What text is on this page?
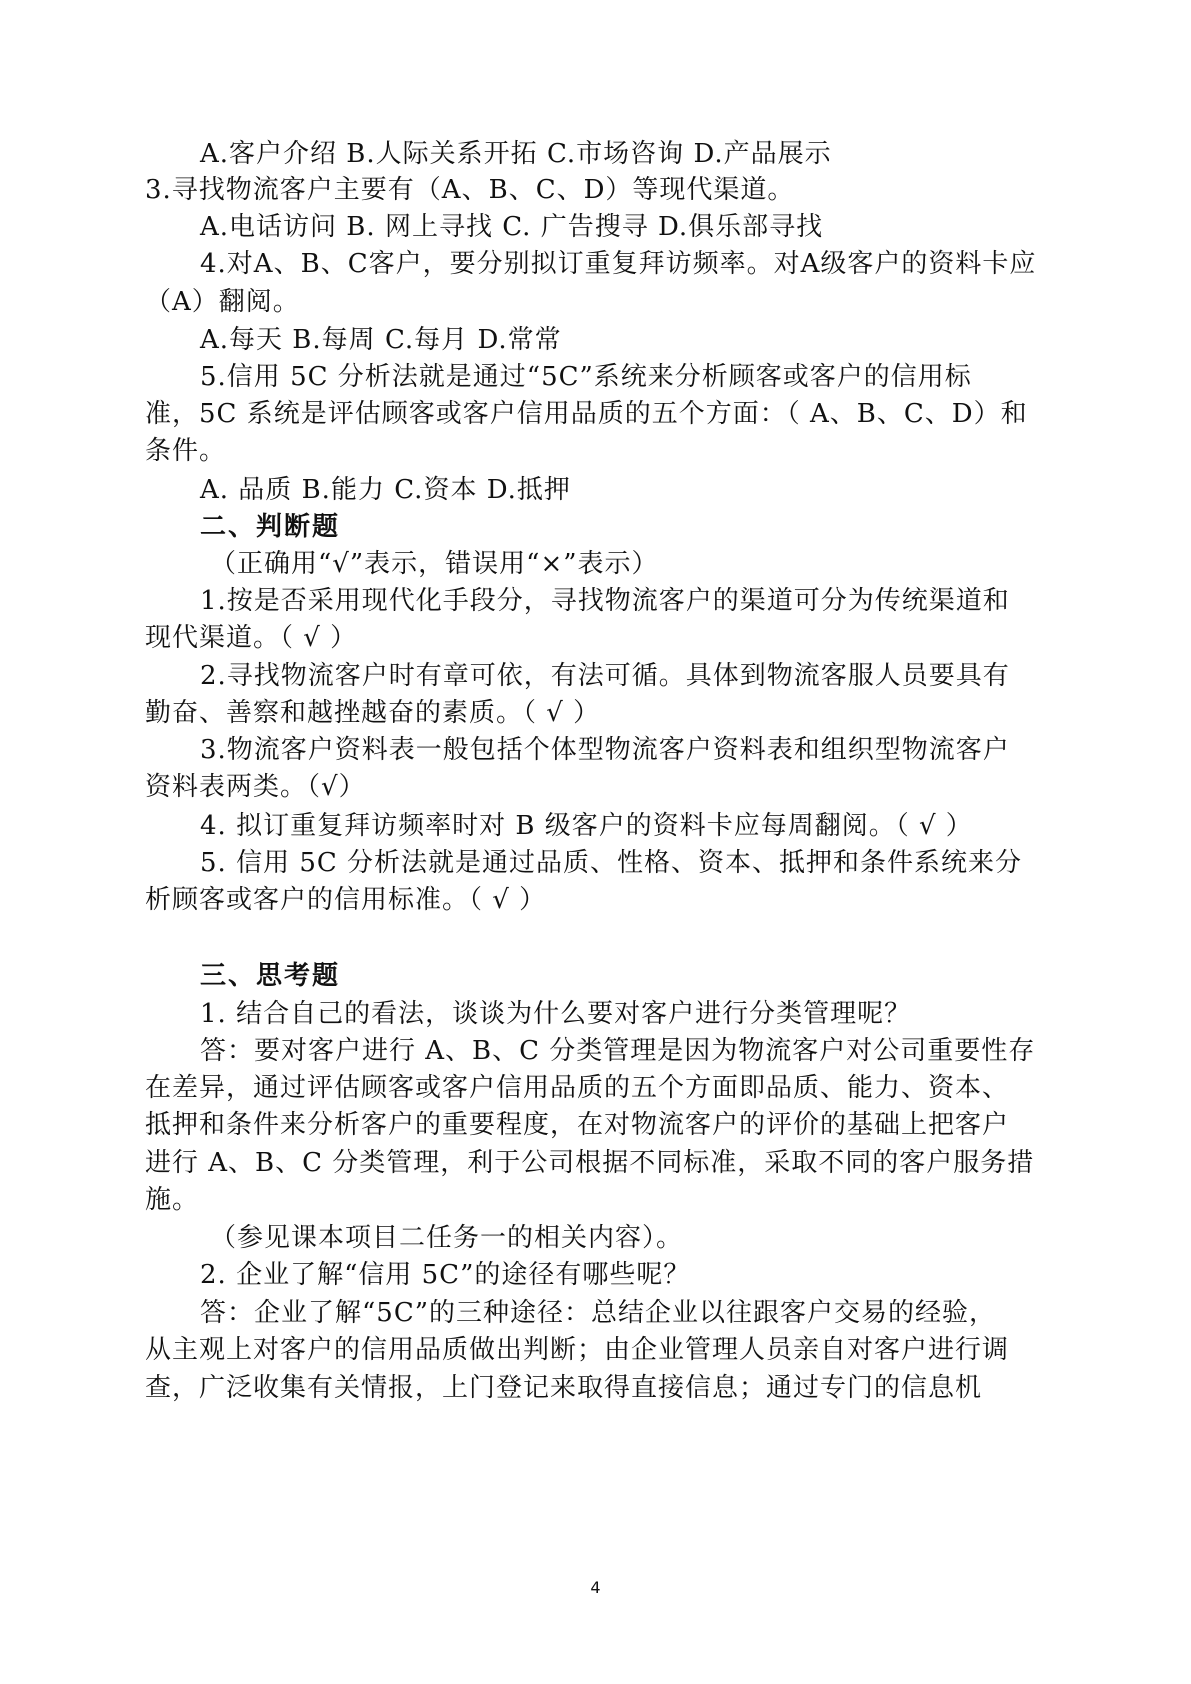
A.客户介绍 B.人际关系开拓 C.市场咨询 D.产品展示
3.寻找物流客户主要有（A、B、C、D）等现代渠道。
A.电话访问 B. 网上寻找 C. 广告搜寻 D.俱乐部寻找
4.对A、B、C客户，要分别拟订重复拜访频率。对A级客户的资料卡应
（A）翻阅。
A.每天 B.每周 C.每月 D.常常
5.信用 5C 分析法就是通过“5C”系统来分析顾客或客户的信用标
准，5C 系统是评估顾客或客户信用品质的五个方面：（ A、B、C、D）和
条件。
A. 品质 B.能力 C.资本 D.抵押
二、判断题
（正确用“√”表示，错误用“×”表示）
1.按是否采用现代化手段分，寻找物流客户的渠道可分为传统渠道和
现代渠道。（ √ ）
2.寻找物流客户时有章可依，有法可循。具体到物流客服人员要具有
勤奋、善察和越挫越奋的素质。（ √ ）
3.物流客户资料表一般包括个体型物流客户资料表和组织型物流客户
资料表两类。（√）
4. 拟订重复拜访频率时对 B 级客户的资料卡应每周翻阅。（ √ ）
5. 信用 5C 分析法就是通过品质、性格、资本、抵押和条件系统来分
析顾客或客户的信用标准。（ √ ）
三、思考题
1. 结合自己的看法，谈谈为什么要对客户进行分类管理呢？
答：要对客户进行 A、B、C 分类管理是因为物流客户对公司重要性存
在差异，通过评估顾客或客户信用品质的五个方面即品质、能力、资本、
抵押和条件来分析客户的重要程度，在对物流客户的评价的基础上把客户
进行 A、B、C 分类管理，利于公司根据不同标准，采取不同的客户服务措
施。
（参见课本项目二任务一的相关内容）。
2. 企业了解“信用 5C”的途径有哪些呢？
答：企业了解“5C”的三种途径：总结企业以往跟客户交易的经验，
从主观上对客户的信用品质做出判断；由企业管理人员亲自对客户进行调
查，广泛收集有关情报，上门登记来取得直接信息；通过专门的信息机
4
